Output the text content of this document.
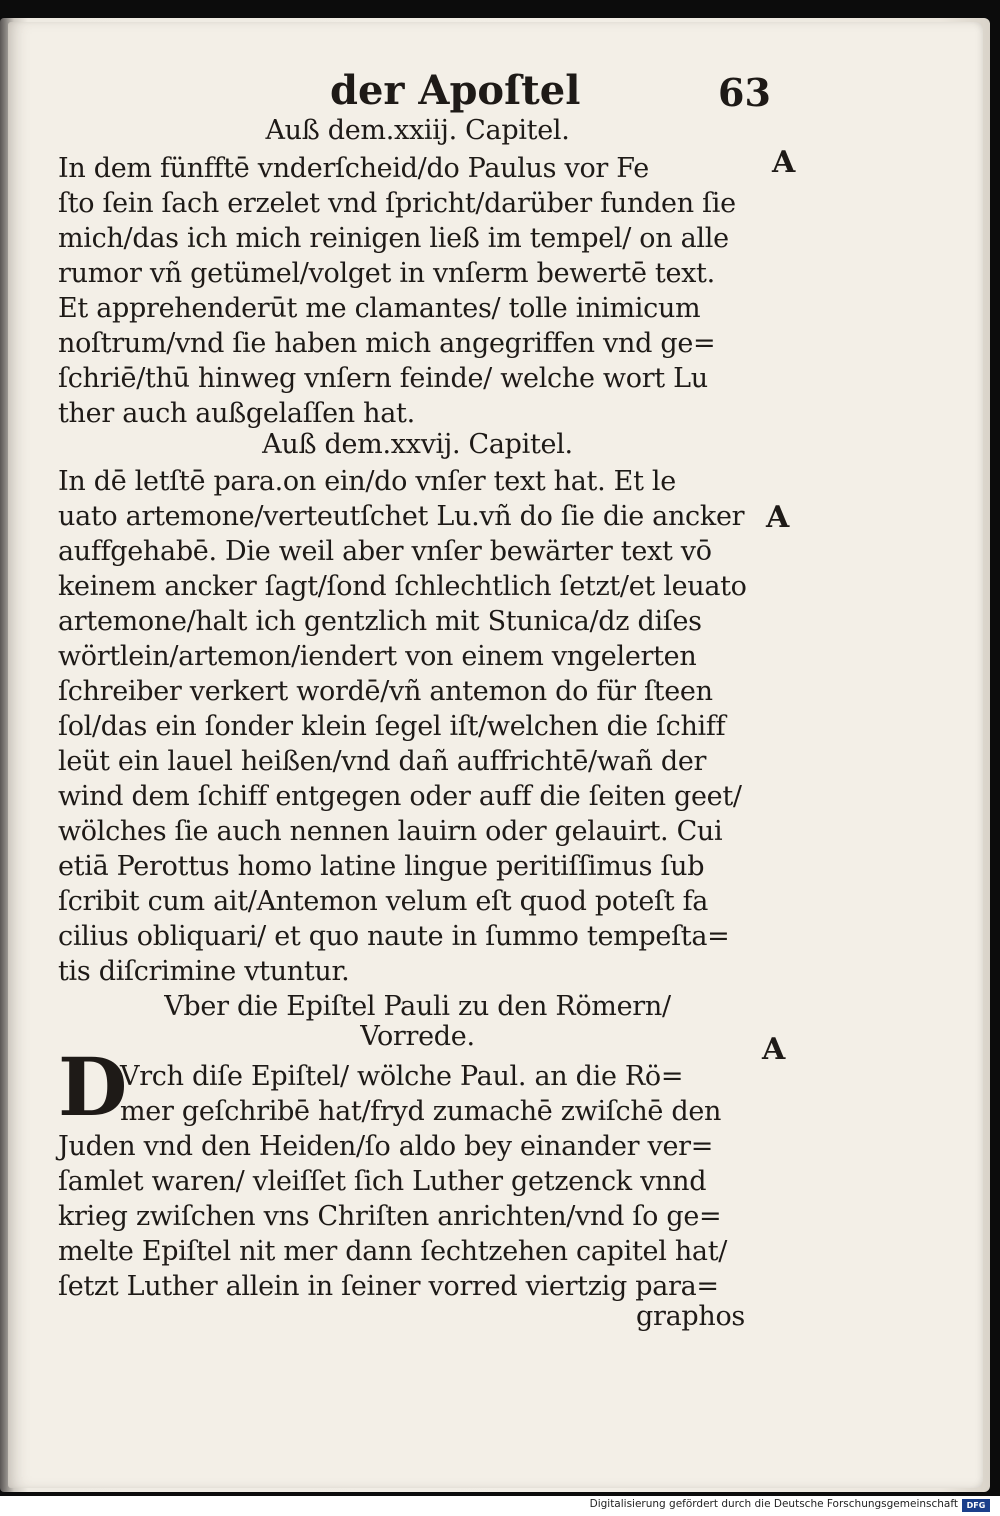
der Apoſtel	63
Auß dem.xxiij. Capitel.
In dem fünfftē vnderſcheid/do Paulus vor Fe
ſto ſein ſach erzelet vnd ſpricht/darüber funden ſie
mich/das ich mich reinigen ließ im tempel/ on alle
rumor vñ getümel/volget in vnſerm bewertē text.
Et apprehenderūt me clamantes/ tolle inimicum
noſtrum/vnd ſie haben mich angegriffen vnd ge=
ſchriē/thū hinweg vnſern feinde/ welche wort Lu
ther auch außgelaſſen hat.
Auß dem.xxvij. Capitel.
In dē letſtē para.on ein/do vnſer text hat. Et le
uato artemone/verteutſchet Lu.vñ do ſie die ancker
auffgehabē. Die weil aber vnſer bewärter text vō
keinem ancker ſagt/ſond ſchlechtlich ſetzt/et leuato
artemone/halt ich gentzlich mit Stunica/dz diſes
wörtlein/artemon/iendert von einem vngelerten
ſchreiber verkert wordē/vñ antemon do für ſteen
ſol/das ein ſonder klein ſegel iſt/welchen die ſchiff
leüt ein lauel heißen/vnd dañ auffrichtē/wañ der
wind dem ſchiff entgegen oder auff die ſeiten geet/
wölches ſie auch nennen lauirn oder gelauirt. Cui
etiā Perottus homo latine lingue peritiſſimus ſub
ſcribit cum ait/Antemon velum eſt quod poteſt fa
cilius obliquari/ et quo naute in ſummo tempeſta=
tis diſcrimine vtuntur.
Vber die Epiſtel Pauli zu den Römern/
Vorrede.
D
Vrch diſe Epiſtel/ wölche Paul. an die Rö=
mer geſchribē hat/fryd zumachē zwiſchē den
Juden vnd den Heiden/ſo aldo bey einander ver=
ſamlet waren/ vleiſſet ſich Luther getzenck vnnd
krieg zwiſchen vns Chriſten anrichten/vnd ſo ge=
melte Epiſtel nit mer dann ſechtzehen capitel hat/
ſetzt Luther allein in ſeiner vorred viertzig para=
graphos
A
A
A
Digitalisierung gefördert durch die Deutsche Forschungsgemeinschaft	DFG
